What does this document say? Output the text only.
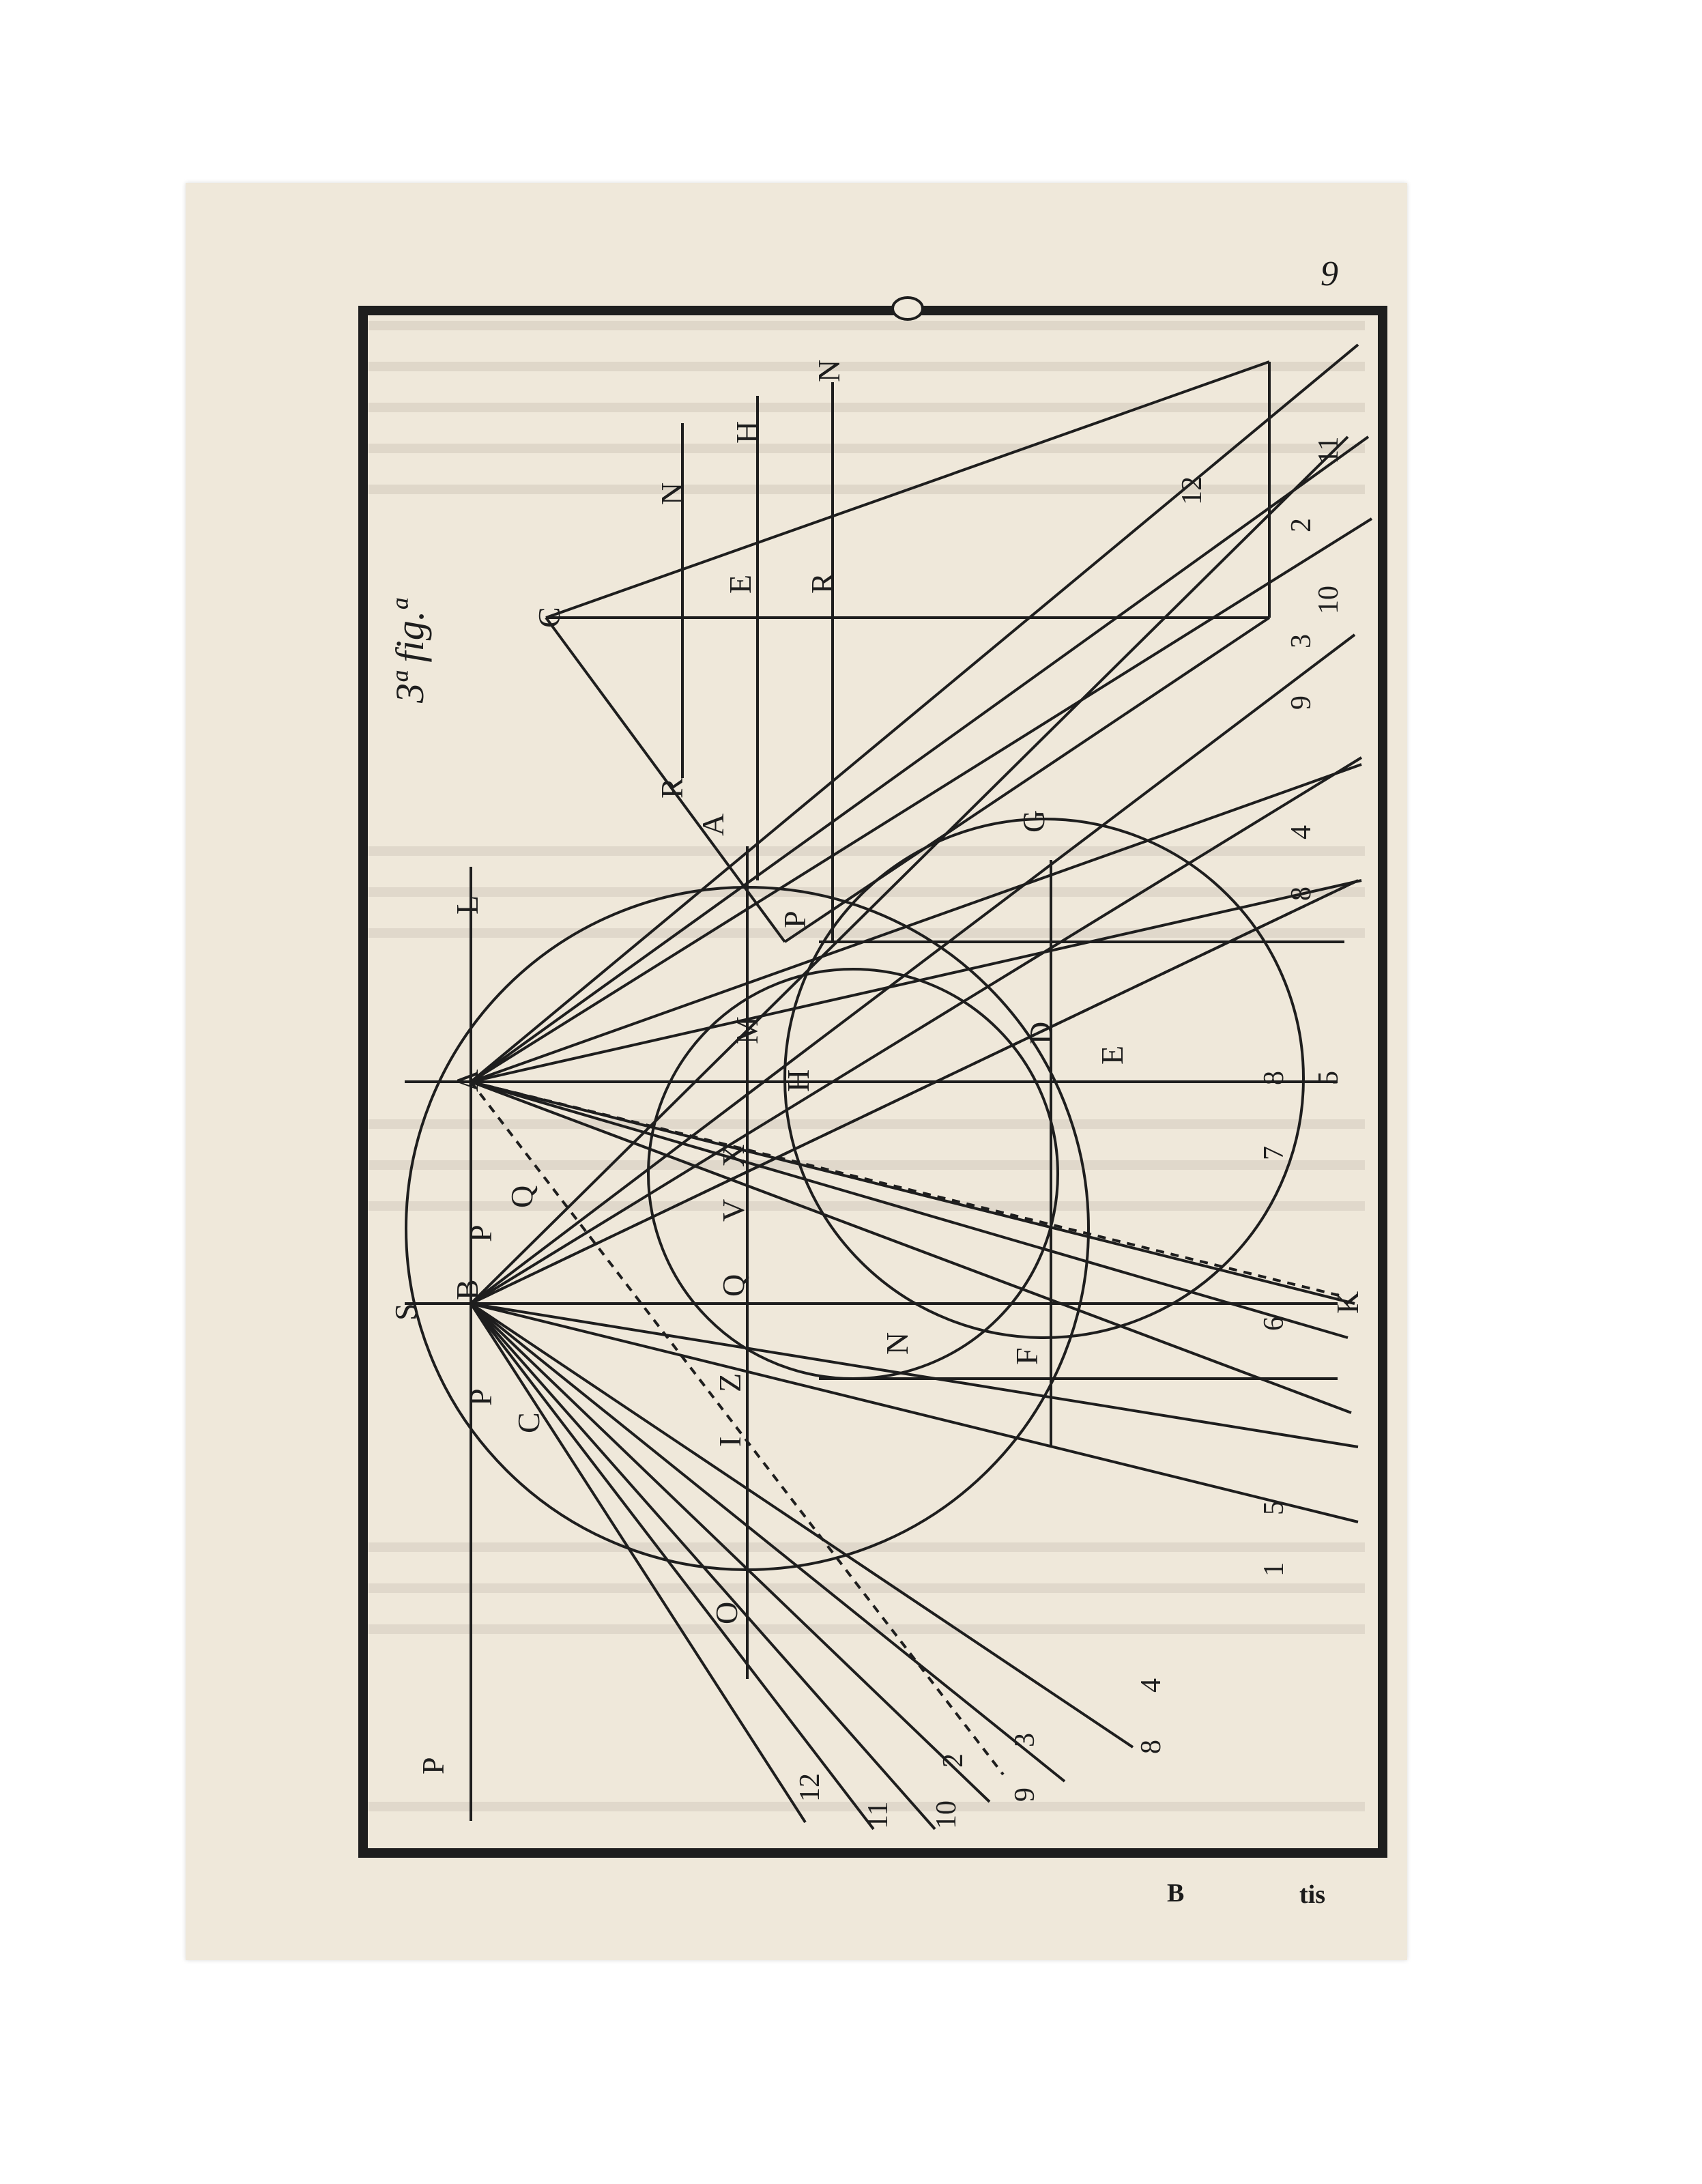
L
A
B
S
P
Q
P
C
O
P
I
Z
Q
V
X
M
H
N
D
E
F
G
K
P
A
R
C
E
N
H
R
N
3ª fig.ª
12
11
10
2
9
3
8
4
8 5
7
6
1
5
8
4
9
3
10
2
11
12
9
B	tis
